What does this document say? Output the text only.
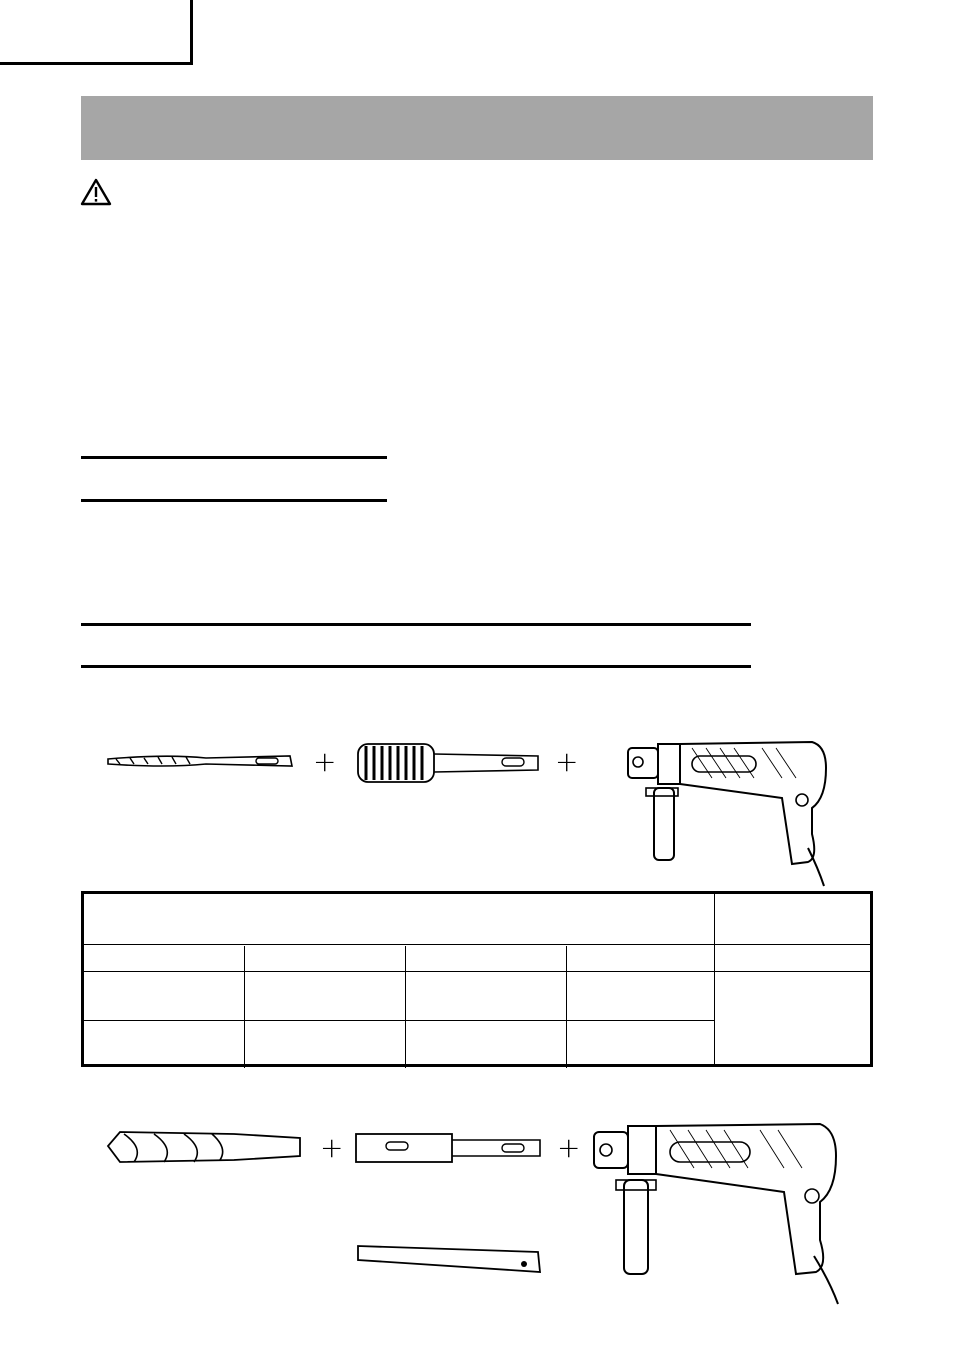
+	+
+	+
